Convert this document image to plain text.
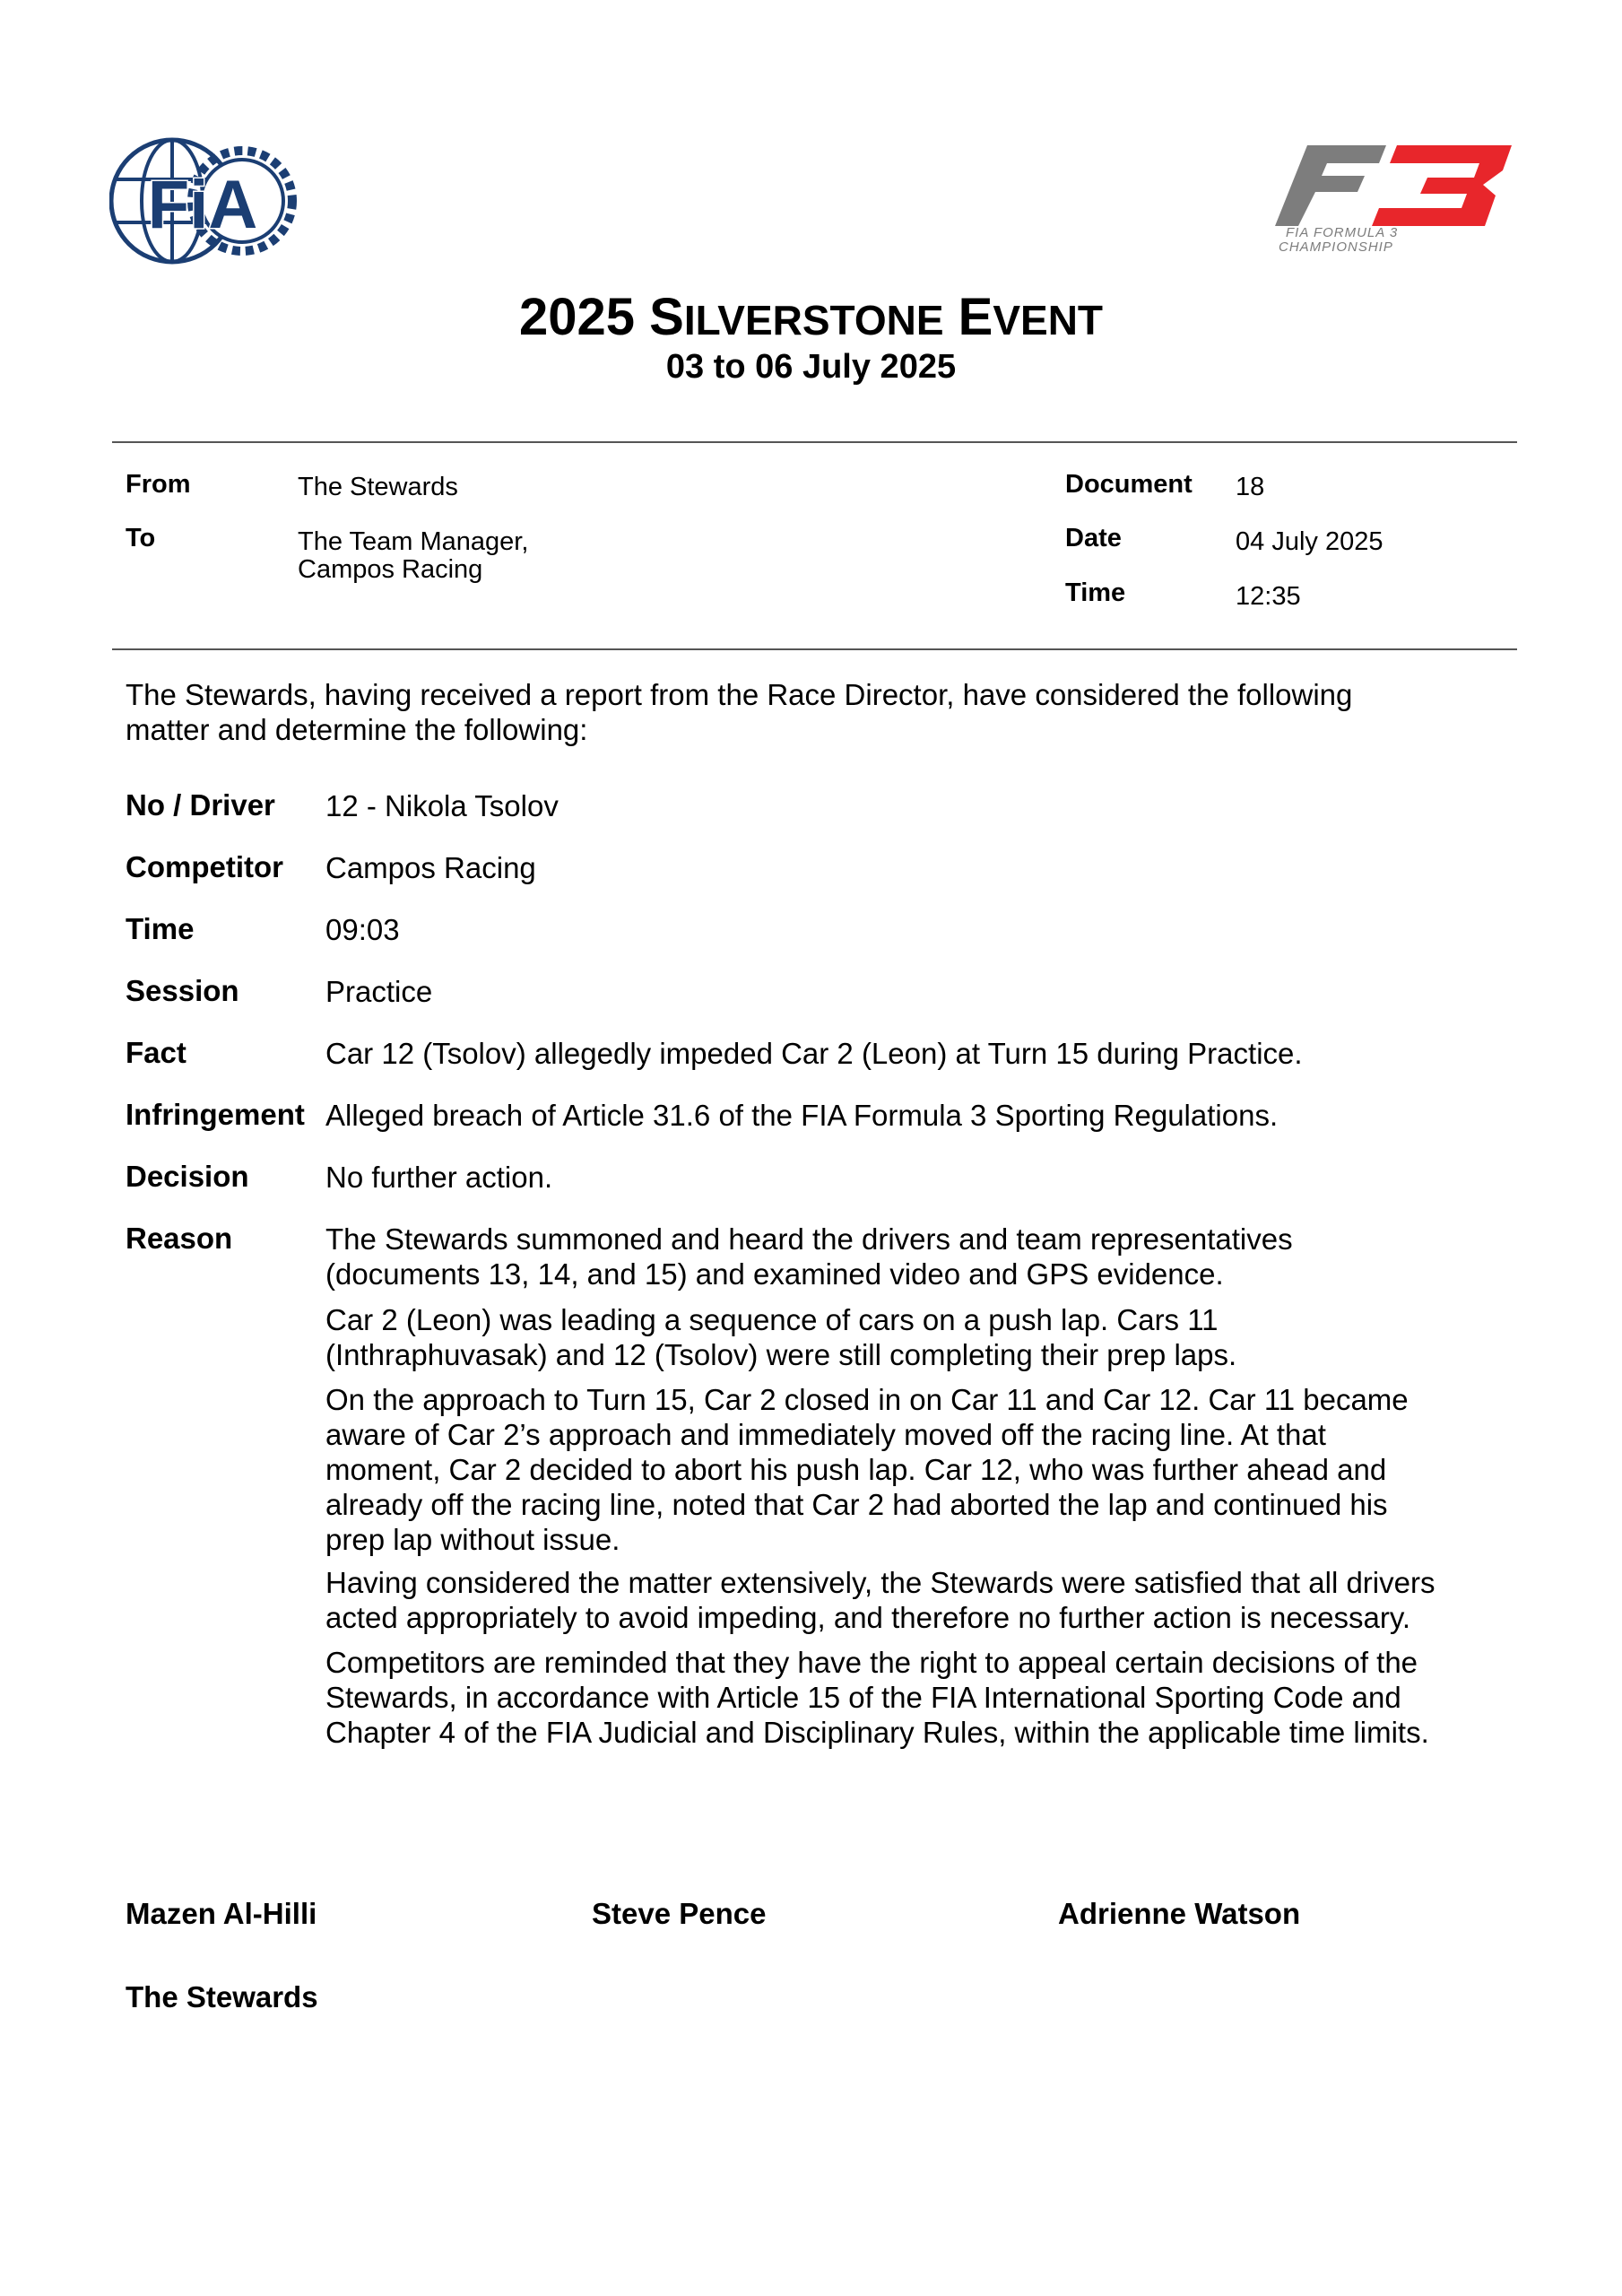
FiA	FIA FORMULA 3
CHAMPIONSHIP
2025 SILVERSTONE EVENT
03 to 06 July 2025
From	The Stewards
To	The Team Manager,
Campos Racing
Document 18
Date	04 July 2025
Time	12:35
The Stewards, having received a report from the Race Director, have considered the following
matter and determine the following:
No / Driver 12 - Nikola Tsolov
Competitor Campos Racing
Time	09:03
Session	Practice
Fact	Car 12 (Tsolov) allegedly impeded Car 2 (Leon) at Turn 15 during Practice.
Infringement Alleged breach of Article 31.6 of the FIA Formula 3 Sporting Regulations.
Decision	No further action.
Reason	The Stewards summoned and heard the drivers and team representatives
(documents 13, 14, and 15) and examined video and GPS evidence.
Car 2 (Leon) was leading a sequence of cars on a push lap. Cars 11
(Inthraphuvasak) and 12 (Tsolov) were still completing their prep laps.
On the approach to Turn 15, Car 2 closed in on Car 11 and Car 12. Car 11 became
aware of Car 2’s approach and immediately moved off the racing line. At that
moment, Car 2 decided to abort his push lap. Car 12, who was further ahead and
already off the racing line, noted that Car 2 had aborted the lap and continued his
prep lap without issue.
Having considered the matter extensively, the Stewards were satisfied that all drivers
acted appropriately to avoid impeding, and therefore no further action is necessary.
Competitors are reminded that they have the right to appeal certain decisions of the
Stewards, in accordance with Article 15 of the FIA International Sporting Code and
Chapter 4 of the FIA Judicial and Disciplinary Rules, within the applicable time limits.
Mazen Al-Hilli	Steve Pence	Adrienne Watson
The Stewards
